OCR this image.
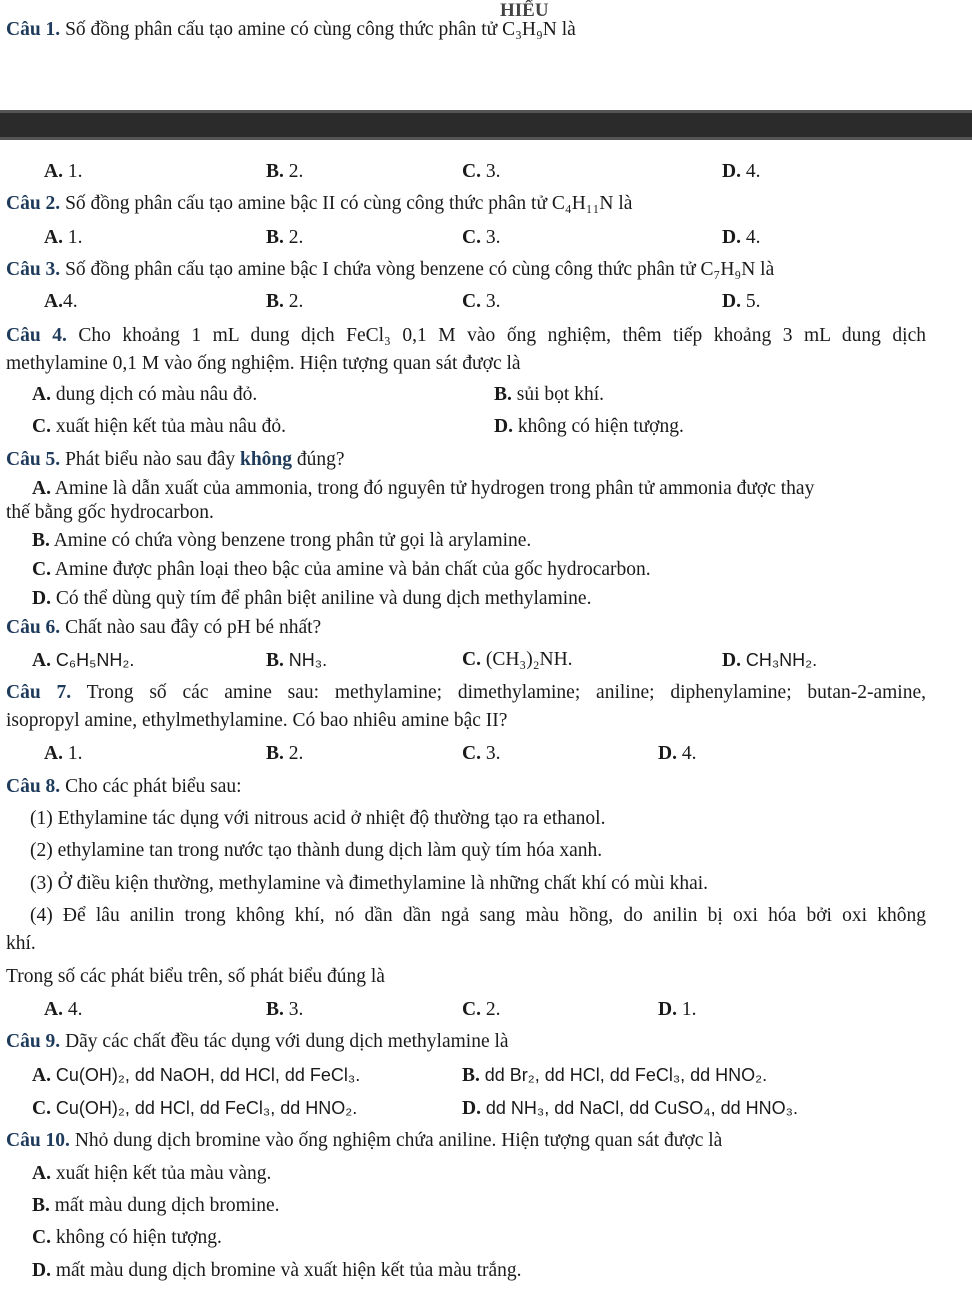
HIỂU
Câu 1. Số đồng phân cấu tạo amine có cùng công thức phân tử C₃H₉N là
A. 1.	B. 2.	C. 3.	D. 4.
Câu 2. Số đồng phân cấu tạo amine bậc II có cùng công thức phân tử C₄H₁₁N là
A. 1.	B. 2.	C. 3.	D. 4.
Câu 3. Số đồng phân cấu tạo amine bậc I chứa vòng benzene có cùng công thức phân tử C₇H₉N là
A.4.	B. 2.	C. 3.	D. 5.
Câu 4. Cho khoảng 1 mL dung dịch FeCl₃ 0,1 M vào ống nghiệm, thêm tiếp khoảng 3 mL dung dịch
methylamine 0,1 M vào ống nghiệm. Hiện tượng quan sát được là
A. dung dịch có màu nâu đỏ.	B. sủi bọt khí.
C. xuất hiện kết tủa màu nâu đỏ.	D. không có hiện tượng.
Câu 5. Phát biểu nào sau đây không đúng?
A. Amine là dẫn xuất của ammonia, trong đó nguyên tử hydrogen trong phân tử ammonia được thay
thế bằng gốc hydrocarbon.
B. Amine có chứa vòng benzene trong phân tử gọi là arylamine.
C. Amine được phân loại theo bậc của amine và bản chất của gốc hydrocarbon.
D. Có thể dùng quỳ tím để phân biệt aniline và dung dịch methylamine.
Câu 6. Chất nào sau đây có pH bé nhất?
A. C₆H₅NH₂.	B. NH₃.	C. (CH₃)₂NH.	D. CH₃NH₂.
Câu 7. Trong số các amine sau: methylamine; dimethylamine; aniline; diphenylamine; butan-2-amine,
isopropyl amine, ethylmethylamine. Có bao nhiêu amine bậc II?
A. 1.	B. 2.	C. 3.	D. 4.
Câu 8. Cho các phát biểu sau:
(1) Ethylamine tác dụng với nitrous acid ở nhiệt độ thường tạo ra ethanol.
(2) ethylamine tan trong nước tạo thành dung dịch làm quỳ tím hóa xanh.
(3) Ở điều kiện thường, methylamine và đimethylamine là những chất khí có mùi khai.
(4) Để lâu anilin trong không khí, nó dần dần ngả sang màu hồng, do anilin bị oxi hóa bởi oxi không
khí.
Trong số các phát biểu trên, số phát biểu đúng là
A. 4.	B. 3.	C. 2.	D. 1.
Câu 9. Dãy các chất đều tác dụng với dung dịch methylamine là
A. Cu(OH)₂, dd NaOH, dd HCl, dd FeCl₃.	B. dd Br₂, dd HCl, dd FeCl₃, dd HNO₂.
C. Cu(OH)₂, dd HCl, dd FeCl₃, dd HNO₂.	D. dd NH₃, dd NaCl, dd CuSO₄, dd HNO₃.
Câu 10. Nhỏ dung dịch bromine vào ống nghiệm chứa aniline. Hiện tượng quan sát được là
A. xuất hiện kết tủa màu vàng.
B. mất màu dung dịch bromine.
C. không có hiện tượng.
D. mất màu dung dịch bromine và xuất hiện kết tủa màu trắng.
